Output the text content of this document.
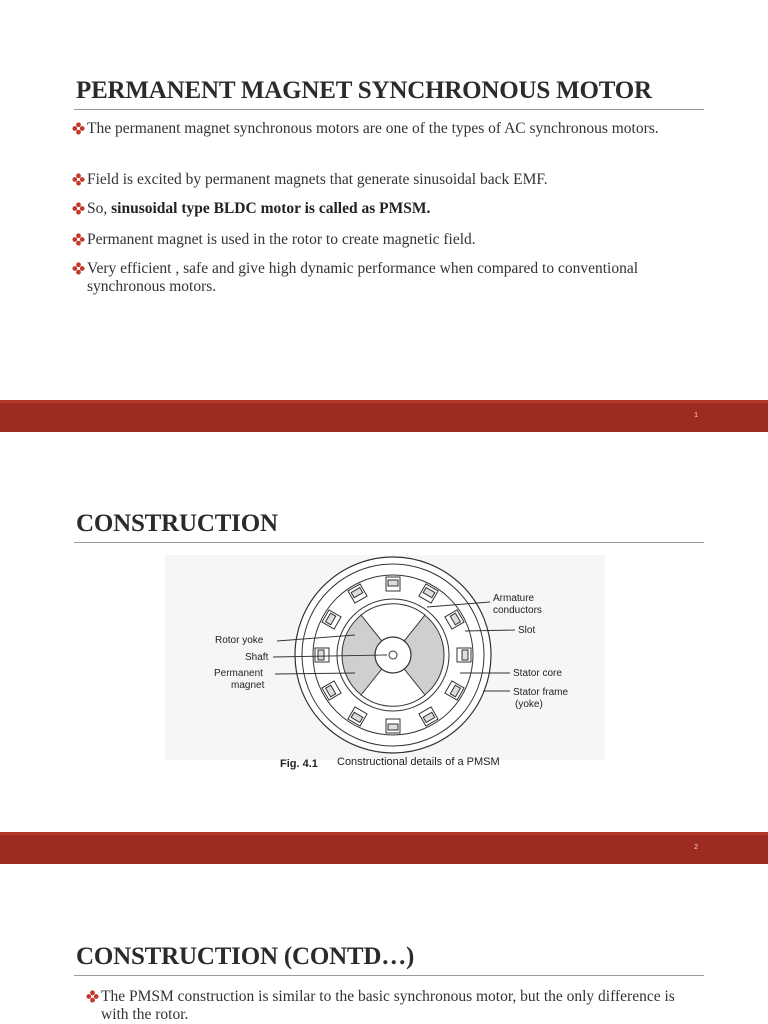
PERMANENT MAGNET SYNCHRONOUS MOTOR
The permanent magnet synchronous motors are one of the types of AC synchronous motors.
Field is excited by permanent magnets that generate sinusoidal back EMF.
So, sinusoidal type BLDC motor is called as PMSM.
Permanent magnet is used in the rotor to create magnetic field.
Very efficient , safe and give high dynamic performance when compared to conventional synchronous motors.
1
CONSTRUCTION
Armature
conductors
Slot
Rotor yoke
Shaft
Permanent
magnet
Stator core
Stator frame
(yoke)
Fig. 4.1 Constructional details of a PMSM
2
CONSTRUCTION (CONTD…)
The PMSM construction is similar to the basic synchronous motor, but the only difference is with the rotor.
